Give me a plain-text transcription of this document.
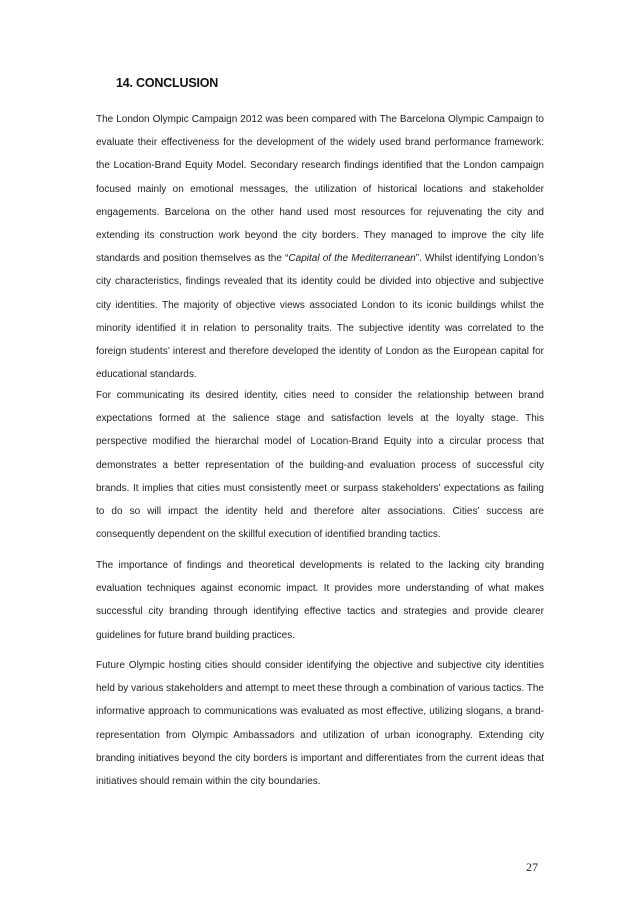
14. CONCLUSION

The London Olympic Campaign 2012 was been compared with The Barcelona Olympic Campaign to evaluate their effectiveness for the development of the widely used brand performance framework: the Location-Brand Equity Model. Secondary research findings identified that the London campaign focused mainly on emotional messages, the utilization of historical locations and stakeholder engagements. Barcelona on the other hand used most resources for rejuvenating the city and extending its construction work beyond the city borders. They managed to improve the city life standards and position themselves as the “Capital of the Mediterranean”. Whilst identifying London’s city characteristics, findings revealed that its identity could be divided into objective and subjective city identities. The majority of objective views associated London to its iconic buildings whilst the minority identified it in relation to personality traits. The subjective identity was correlated to the foreign students’ interest and therefore developed the identity of London as the European capital for educational standards.

For communicating its desired identity, cities need to consider the relationship between brand expectations formed at the salience stage and satisfaction levels at the loyalty stage. This perspective modified the hierarchal model of Location-Brand Equity into a circular process that demonstrates a better representation of the building-and evaluation process of successful city brands. It implies that cities must consistently meet or surpass stakeholders’ expectations as failing to do so will impact the identity held and therefore alter associations. Cities’ success are consequently dependent on the skillful execution of identified branding tactics.

The importance of findings and theoretical developments is related to the lacking city branding evaluation techniques against economic impact. It provides more understanding of what makes successful city branding through identifying effective tactics and strategies and provide clearer guidelines for future brand building practices.

Future Olympic hosting cities should consider identifying the objective and subjective city identities held by various stakeholders and attempt to meet these through a combination of various tactics. The informative approach to communications was evaluated as most effective, utilizing slogans, a brand-representation from Olympic Ambassadors and utilization of urban iconography. Extending city branding initiatives beyond the city borders is important and differentiates from the current ideas that initiatives should remain within the city boundaries.

27
